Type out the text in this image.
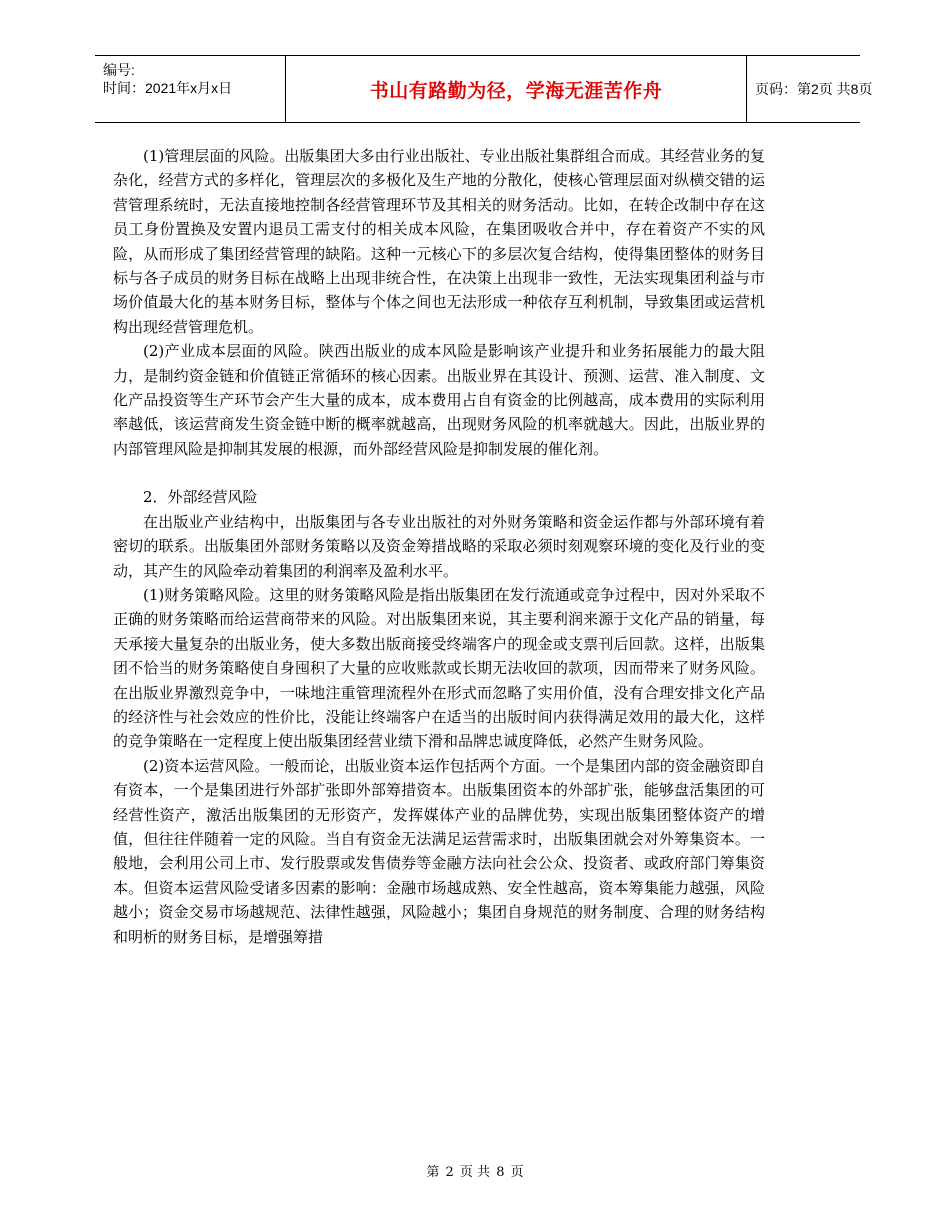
编号:
时间：2021年x月x日	书山有路勤为径，学海无涯苦作舟	页码：第2页 共8页

(1)管理层面的风险。出版集团大多由行业出版社、专业出版社集群组合而成。其经营业务的复杂化，经营方式的多样化，管理层次的多极化及生产地的分散化，使核心管理层面对纵横交错的运营管理系统时，无法直接地控制各经营管理环节及其相关的财务活动。比如，在转企改制中存在这员工身份置换及安置内退员工需支付的相关成本风险，在集团吸收合并中，存在着资产不实的风险，从而形成了集团经营管理的缺陷。这种一元核心下的多层次复合结构，使得集团整体的财务目标与各子成员的财务目标在战略上出现非统合性，在决策上出现非一致性，无法实现集团利益与市场价值最大化的基本财务目标，整体与个体之间也无法形成一种依存互利机制，导致集团或运营机构出现经营管理危机。

(2)产业成本层面的风险。陕西出版业的成本风险是影响该产业提升和业务拓展能力的最大阻力，是制约资金链和价值链正常循环的核心因素。出版业界在其设计、预测、运营、准入制度、文化产品投资等生产环节会产生大量的成本，成本费用占自有资金的比例越高，成本费用的实际利用率越低，该运营商发生资金链中断的概率就越高，出现财务风险的机率就越大。因此，出版业界的内部管理风险是抑制其发展的根源，而外部经营风险是抑制发展的催化剂。

2．外部经营风险

在出版业产业结构中，出版集团与各专业出版社的对外财务策略和资金运作都与外部环境有着密切的联系。出版集团外部财务策略以及资金筹措战略的采取必须时刻观察环境的变化及行业的变动，其产生的风险牵动着集团的利润率及盈利水平。

(1)财务策略风险。这里的财务策略风险是指出版集团在发行流通或竞争过程中，因对外采取不正确的财务策略而给运营商带来的风险。对出版集团来说，其主要利润来源于文化产品的销量，每天承接大量复杂的出版业务，使大多数出版商接受终端客户的现金或支票刊后回款。这样，出版集团不恰当的财务策略使自身囤积了大量的应收账款或长期无法收回的款项，因而带来了财务风险。在出版业界激烈竞争中，一味地注重管理流程外在形式而忽略了实用价值，没有合理安排文化产品的经济性与社会效应的性价比，没能让终端客户在适当的出版时间内获得满足效用的最大化，这样的竞争策略在一定程度上使出版集团经营业绩下滑和品牌忠诚度降低，必然产生财务风险。

(2)资本运营风险。一般而论，出版业资本运作包括两个方面。一个是集团内部的资金融资即自有资本，一个是集团进行外部扩张即外部筹措资本。出版集团资本的外部扩张，能够盘活集团的可经营性资产，激活出版集团的无形资产，发挥媒体产业的品牌优势，实现出版集团整体资产的增值，但往往伴随着一定的风险。当自有资金无法满足运营需求时，出版集团就会对外筹集资本。一般地，会利用公司上市、发行股票或发售债券等金融方法向社会公众、投资者、或政府部门筹集资本。但资本运营风险受诸多因素的影响：金融市场越成熟、安全性越高，资本筹集能力越强，风险越小；资金交易市场越规范、法律性越强，风险越小；集团自身规范的财务制度、合理的财务结构和明析的财务目标，是增强筹措

第 2 页 共 8 页
